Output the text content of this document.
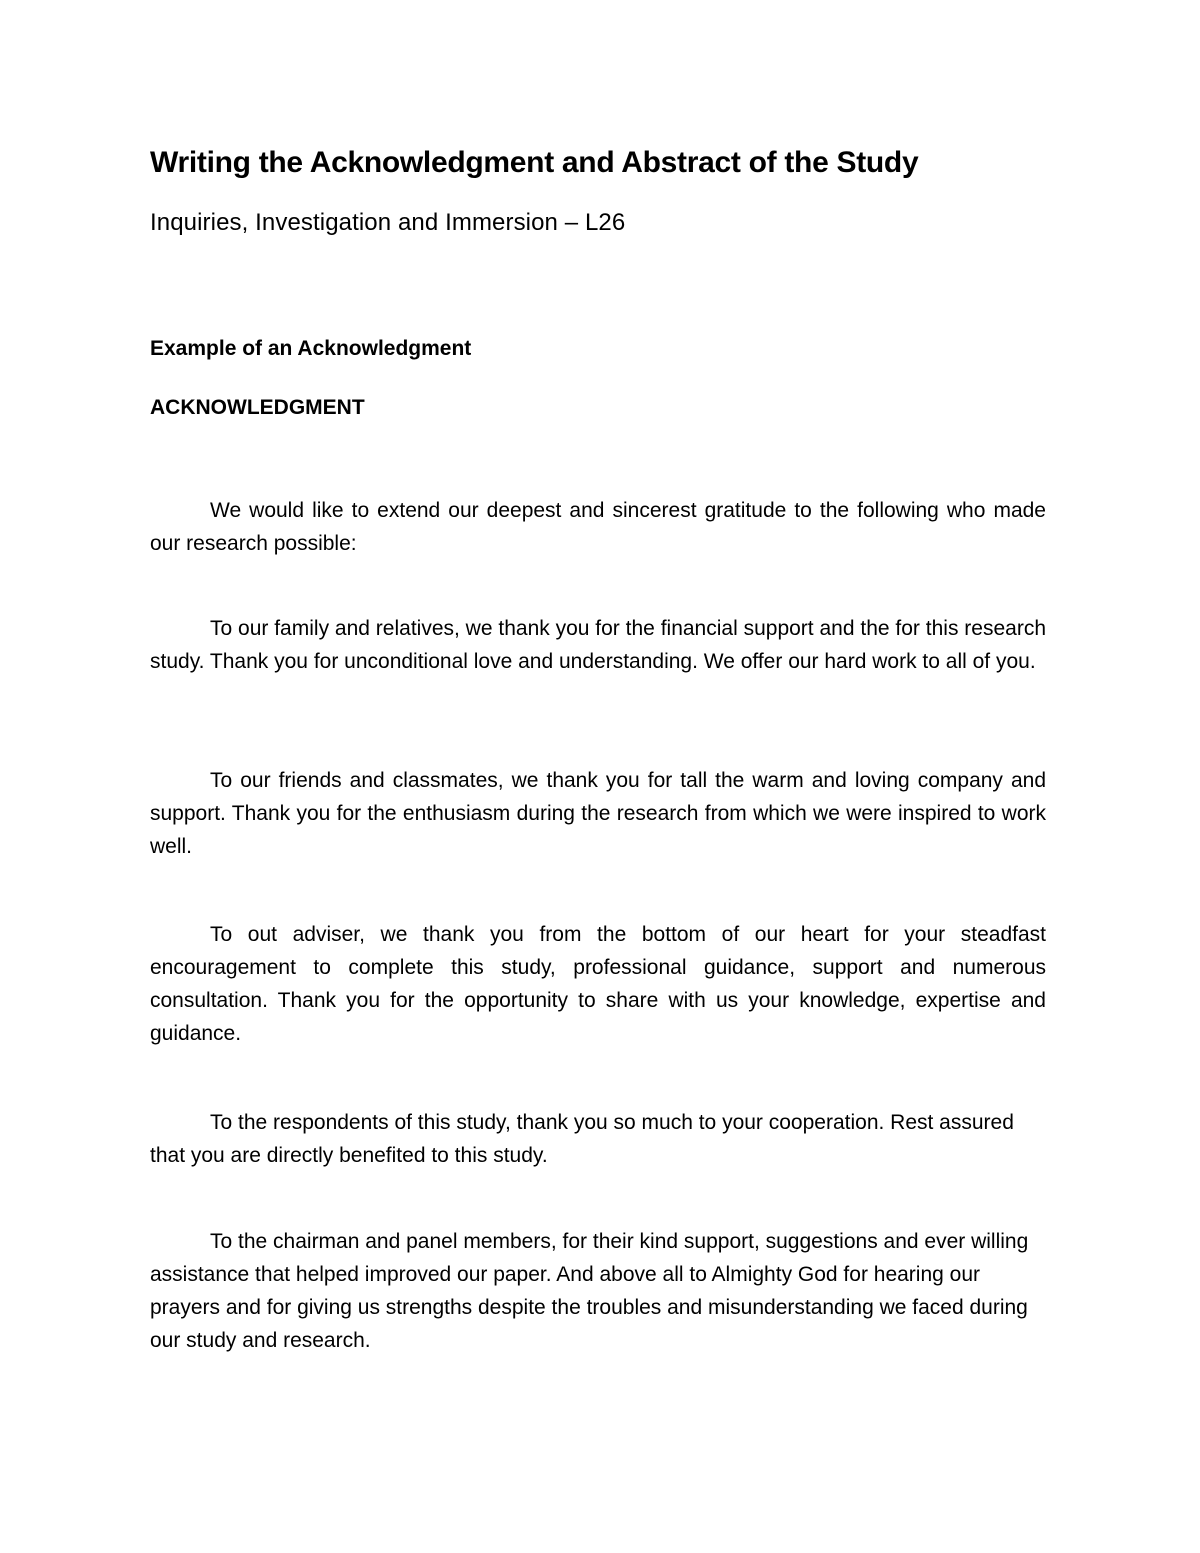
Writing the Acknowledgment and Abstract of the Study
Inquiries, Investigation and Immersion – L26
Example of an Acknowledgment
ACKNOWLEDGMENT

We would like to extend our deepest and sincerest gratitude to the following who made our research possible:

To our family and relatives, we thank you for the financial support and the for this research study. Thank you for unconditional love and understanding. We offer our hard work to all of you.

To our friends and classmates, we thank you for tall the warm and loving company and support. Thank you for the enthusiasm during the research from which we were inspired to work well.

To out adviser, we thank you from the bottom of our heart for your steadfast encouragement to complete this study, professional guidance, support and numerous consultation. Thank you for the opportunity to share with us your knowledge, expertise and guidance.

To the respondents of this study, thank you so much to your cooperation. Rest assured that you are directly benefited to this study.

To the chairman and panel members, for their kind support, suggestions and ever willing assistance that helped improved our paper. And above all to Almighty God for hearing our prayers and for giving us strengths despite the troubles and misunderstanding we faced during our study and research.
